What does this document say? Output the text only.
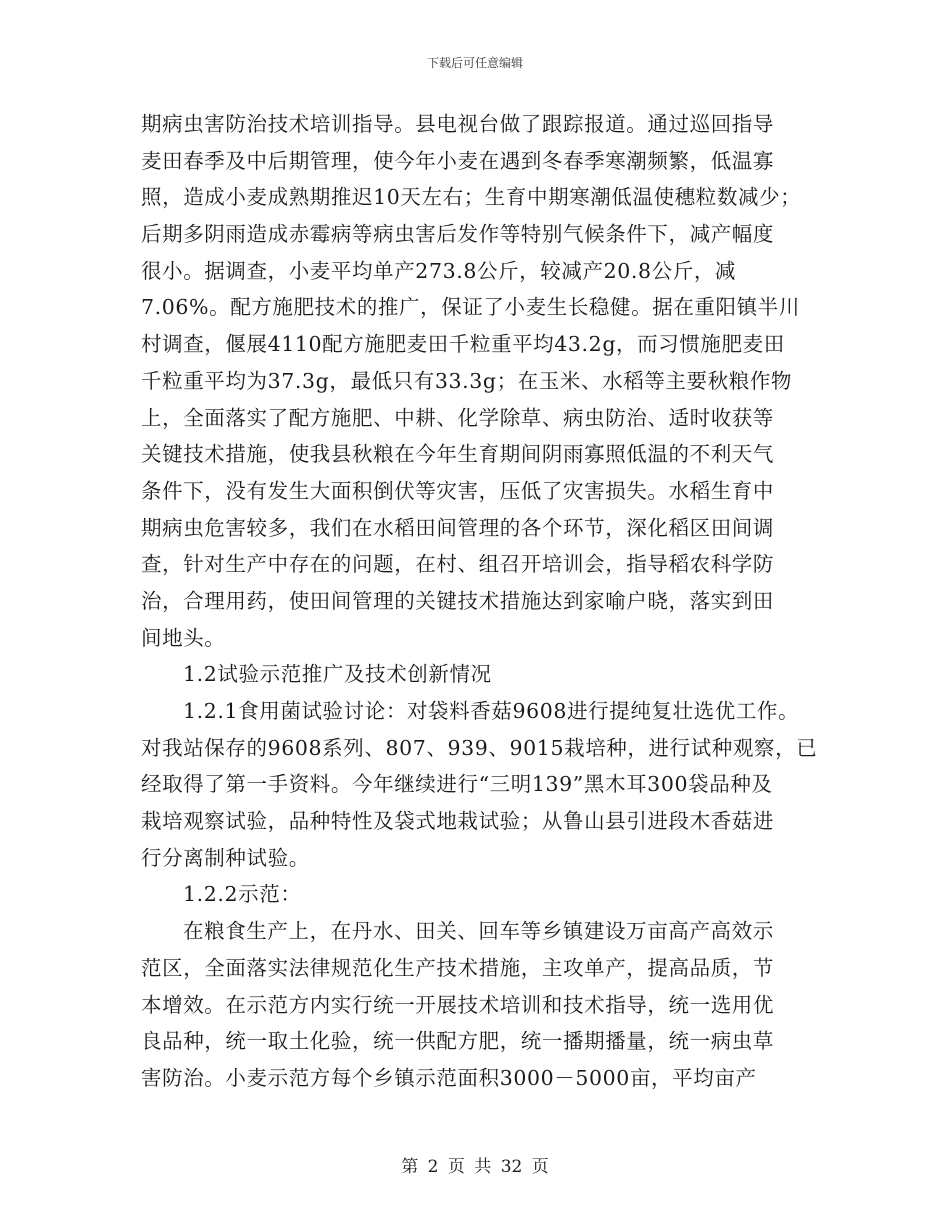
下载后可任意编辑
期病虫害防治技术培训指导。县电视台做了跟踪报道。通过巡回指导
麦田春季及中后期管理，使今年小麦在遇到冬春季寒潮频繁，低温寡
照，造成小麦成熟期推迟10天左右；生育中期寒潮低温使穗粒数减少；
后期多阴雨造成赤霉病等病虫害后发作等特别气候条件下，减产幅度
很小。据调查，小麦平均单产273.8公斤，较减产20.8公斤，减
7.06%。配方施肥技术的推广，保证了小麦生长稳健。据在重阳镇半川
村调查，偃展4110配方施肥麦田千粒重平均43.2g，而习惯施肥麦田
千粒重平均为37.3g，最低只有33.3g；在玉米、水稻等主要秋粮作物
上，全面落实了配方施肥、中耕、化学除草、病虫防治、适时收获等
关键技术措施，使我县秋粮在今年生育期间阴雨寡照低温的不利天气
条件下，没有发生大面积倒伏等灾害，压低了灾害损失。水稻生育中
期病虫危害较多，我们在水稻田间管理的各个环节，深化稻区田间调
查，针对生产中存在的问题，在村、组召开培训会，指导稻农科学防
治，合理用药，使田间管理的关键技术措施达到家喻户晓，落实到田
间地头。
1.2试验示范推广及技术创新情况
1.2.1食用菌试验讨论：对袋料香菇9608进行提纯复壮选优工作。
对我站保存的9608系列、807、939、9015栽培种，进行试种观察，已
经取得了第一手资料。今年继续进行“三明139”黑木耳300袋品种及
栽培观察试验，品种特性及袋式地栽试验；从鲁山县引进段木香菇进
行分离制种试验。
1.2.2示范：
在粮食生产上，在丹水、田关、回车等乡镇建设万亩高产高效示
范区，全面落实法律规范化生产技术措施，主攻单产，提高品质，节
本增效。在示范方内实行统一开展技术培训和技术指导，统一选用优
良品种，统一取土化验，统一供配方肥，统一播期播量，统一病虫草
害防治。小麦示范方每个乡镇示范面积3000－5000亩，平均亩产
第 2 页 共 32 页
